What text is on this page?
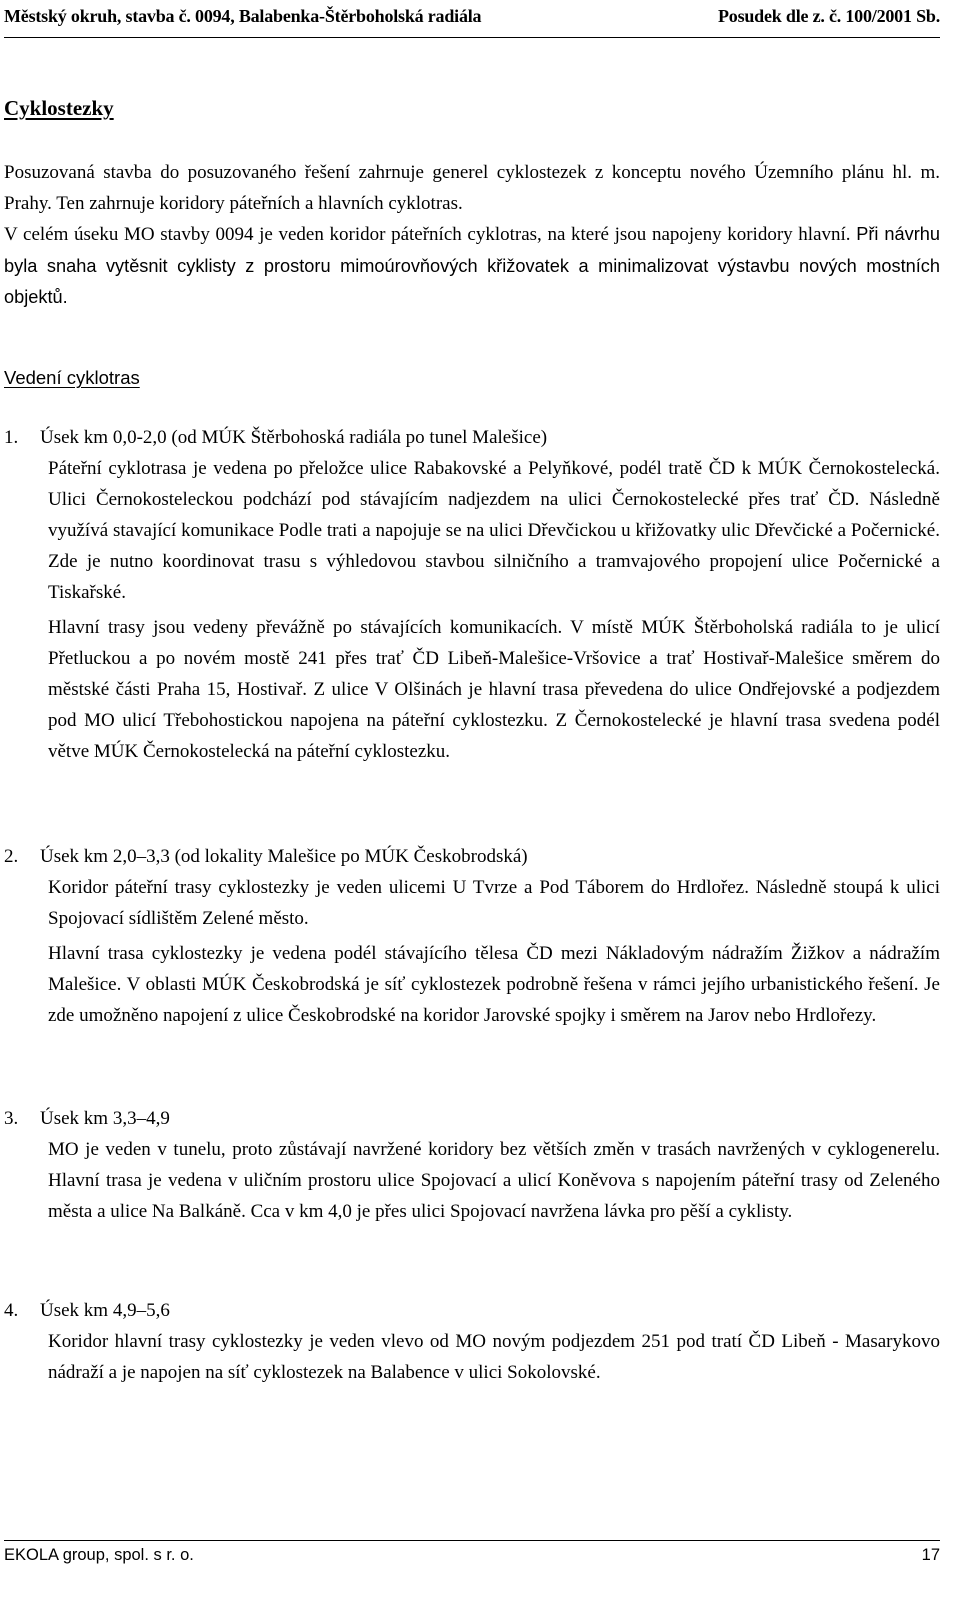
Městský okruh, stavba č. 0094, Balabenka-Štěrboholská radiála	Posudek dle z. č. 100/2001 Sb.
Cyklostezky

Posuzovaná stavba do posuzovaného řešení zahrnuje generel cyklostezek z konceptu nového Územního plánu hl. m. Prahy. Ten zahrnuje koridory páteřních a hlavních cyklotras.

V celém úseku MO stavby 0094 je veden koridor páteřních cyklotras, na které jsou napojeny koridory hlavní. Při návrhu byla snaha vytěsnit cyklisty z prostoru mimoúrovňových křižovatek a minimalizovat výstavbu nových mostních objektů.

Vedení cyklotras
1.	Úsek km 0,0-2,0 (od MÚK Štěrbohoská radiála po tunel Malešice)

Páteřní cyklotrasa je vedena po přeložce ulice Rabakovské a Pelyňkové, podél tratě ČD k MÚK Černokostelecká. Ulici Černokosteleckou podchází pod stávajícím nadjezdem na ulici Černokostelecké přes trať ČD. Následně využívá stavající komunikace Podle trati a napojuje se na ulici Dřevčickou u křižovatky ulic Dřevčické a Počernické. Zde je nutno koordinovat trasu s výhledovou stavbou silničního a tramvajového propojení ulice Počernické a Tiskařské.

Hlavní trasy jsou vedeny převážně po stávajících komunikacích. V místě MÚK Štěrboholská radiála to je ulicí Přetluckou a po novém mostě 241 přes trať ČD Libeň-Malešice-Vršovice a trať Hostivař-Malešice směrem do městské části Praha 15, Hostivař. Z ulice V Olšinách je hlavní trasa převedena do ulice Ondřejovské a podjezdem pod MO ulicí Třebohostickou napojena na páteřní cyklostezku. Z Černokostelecké je hlavní trasa svedena podél větve MÚK Černokostelecká na páteřní cyklostezku.

2.	Úsek km 2,0–3,3 (od lokality Malešice po MÚK Českobrodská)

Koridor páteřní trasy cyklostezky je veden ulicemi U Tvrze a Pod Táborem do Hrdlořez. Následně stoupá k ulici Spojovací sídlištěm Zelené město.

Hlavní trasa cyklostezky je vedena podél stávajícího tělesa ČD mezi Nákladovým nádražím Žižkov a nádražím Malešice. V oblasti MÚK Českobrodská je síť cyklostezek podrobně řešena v rámci jejího urbanistického řešení. Je zde umožněno napojení z ulice Českobrodské na koridor Jarovské spojky i směrem na Jarov nebo Hrdlořezy.

3.	Úsek km 3,3–4,9

MO je veden v tunelu, proto zůstávají navržené koridory bez větších změn v trasách navržených v cyklogenerelu. Hlavní trasa je vedena v uličním prostoru ulice Spojovací a ulicí Koněvova s napojením páteřní trasy od Zeleného města a ulice Na Balkáně. Cca v km 4,0 je přes ulici Spojovací navržena lávka pro pěší a cyklisty.

4.	Úsek km 4,9–5,6

Koridor hlavní trasy cyklostezky je veden vlevo od MO novým podjezdem 251 pod tratí ČD Libeň - Masarykovo nádraží a je napojen na síť cyklostezek na Balabence v ulici Sokolovské.

EKOLA group, spol. s r. o.	17
